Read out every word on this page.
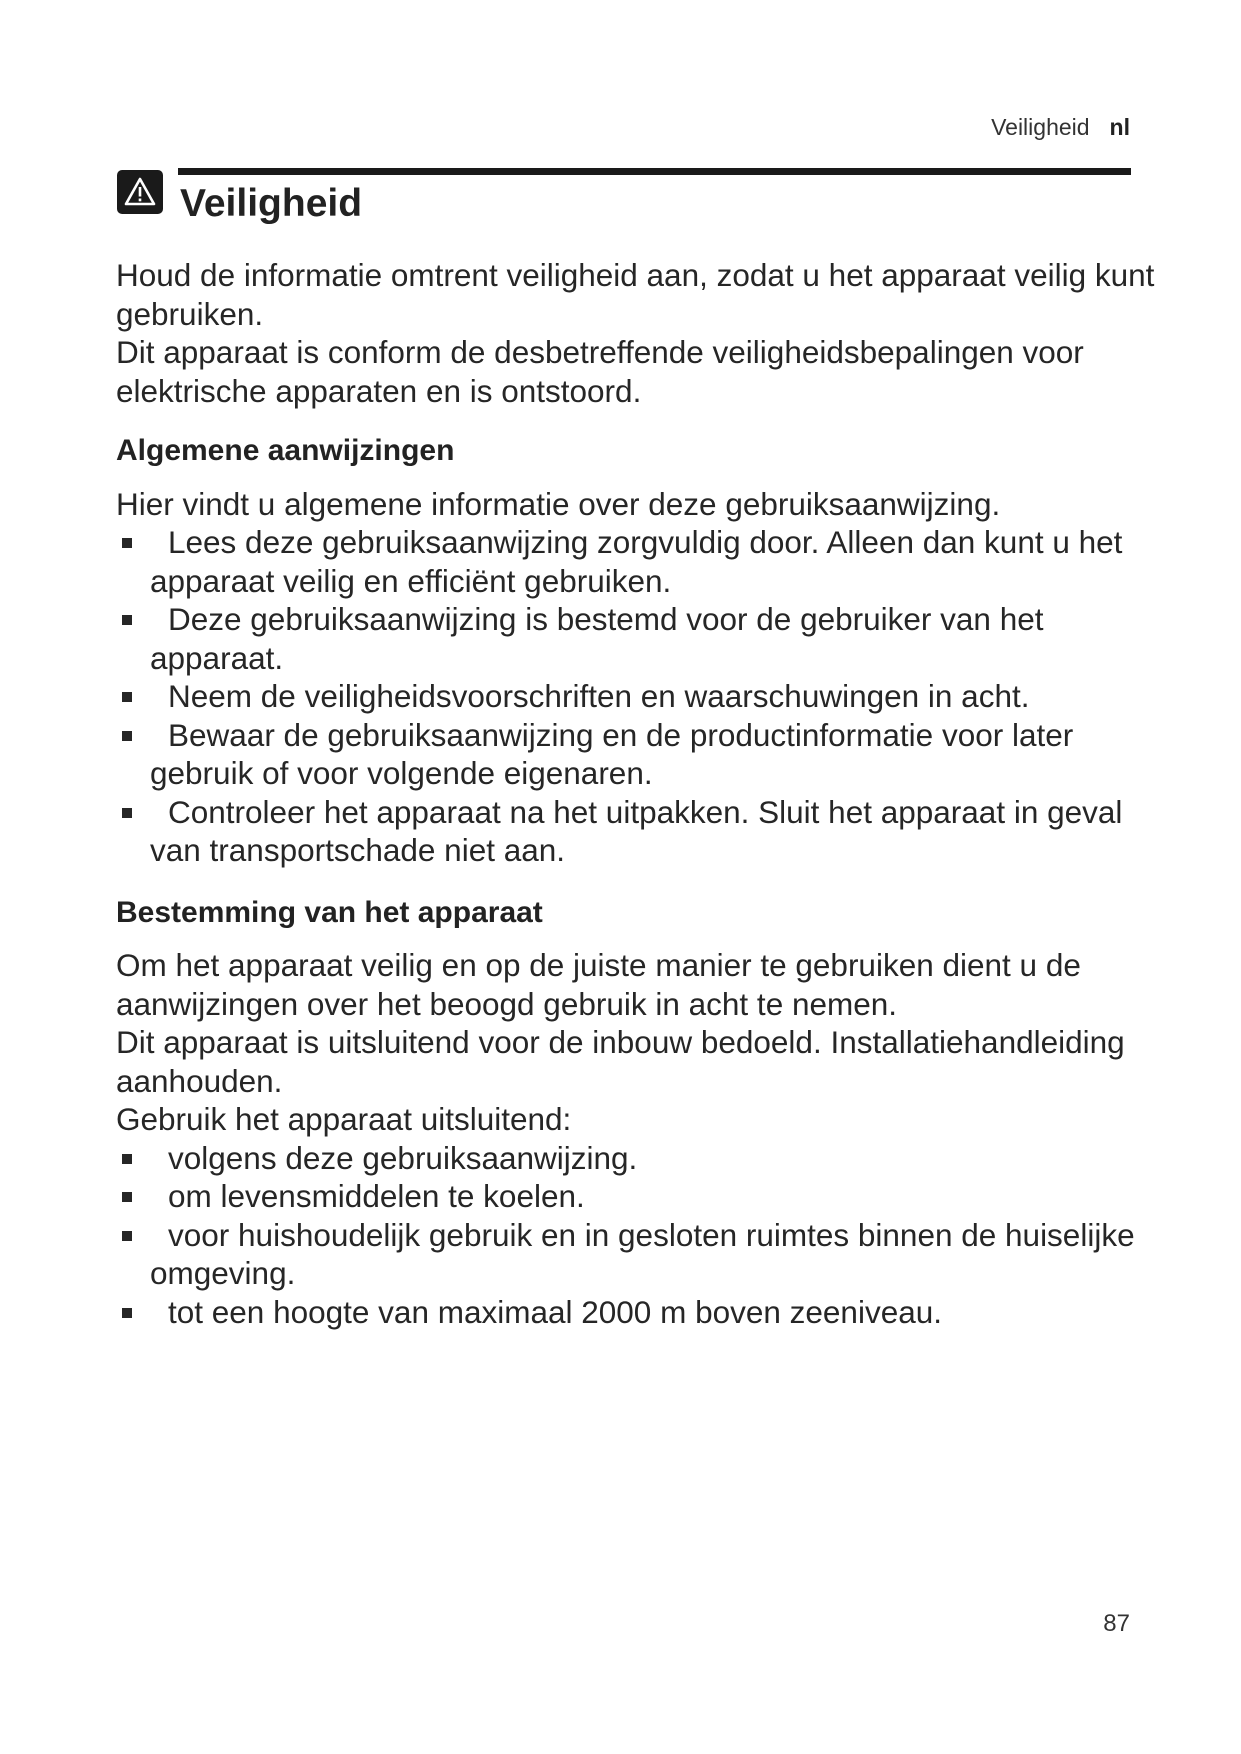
Veiligheid nl
Veiligheid

Houd de informatie omtrent veiligheid aan, zodat u het apparaat veilig kunt gebruiken.

Dit apparaat is conform de desbetreffende veiligheidsbepalingen voor elektrische apparaten en is ontstoord.

Algemene aanwijzingen

Hier vindt u algemene informatie over deze gebruiksaanwijzing.

Lees deze gebruiksaanwijzing zorgvuldig door. Alleen dan kunt u het apparaat veilig en efficiënt gebruiken.
Deze gebruiksaanwijzing is bestemd voor de gebruiker van het apparaat.
Neem de veiligheidsvoorschriften en waarschuwingen in acht.
Bewaar de gebruiksaanwijzing en de productinformatie voor later gebruik of voor volgende eigenaren.
Controleer het apparaat na het uitpakken. Sluit het apparaat in geval van transportschade niet aan.
Bestemming van het apparaat

Om het apparaat veilig en op de juiste manier te gebruiken dient u de aanwijzingen over het beoogd gebruik in acht te nemen.

Dit apparaat is uitsluitend voor de inbouw bedoeld. Installatiehandleiding aanhouden.

Gebruik het apparaat uitsluitend:

volgens deze gebruiksaanwijzing.
om levensmiddelen te koelen.
voor huishoudelijk gebruik en in gesloten ruimtes binnen de huiselijke omgeving.
tot een hoogte van maximaal 2000 m boven zeeniveau.
87
